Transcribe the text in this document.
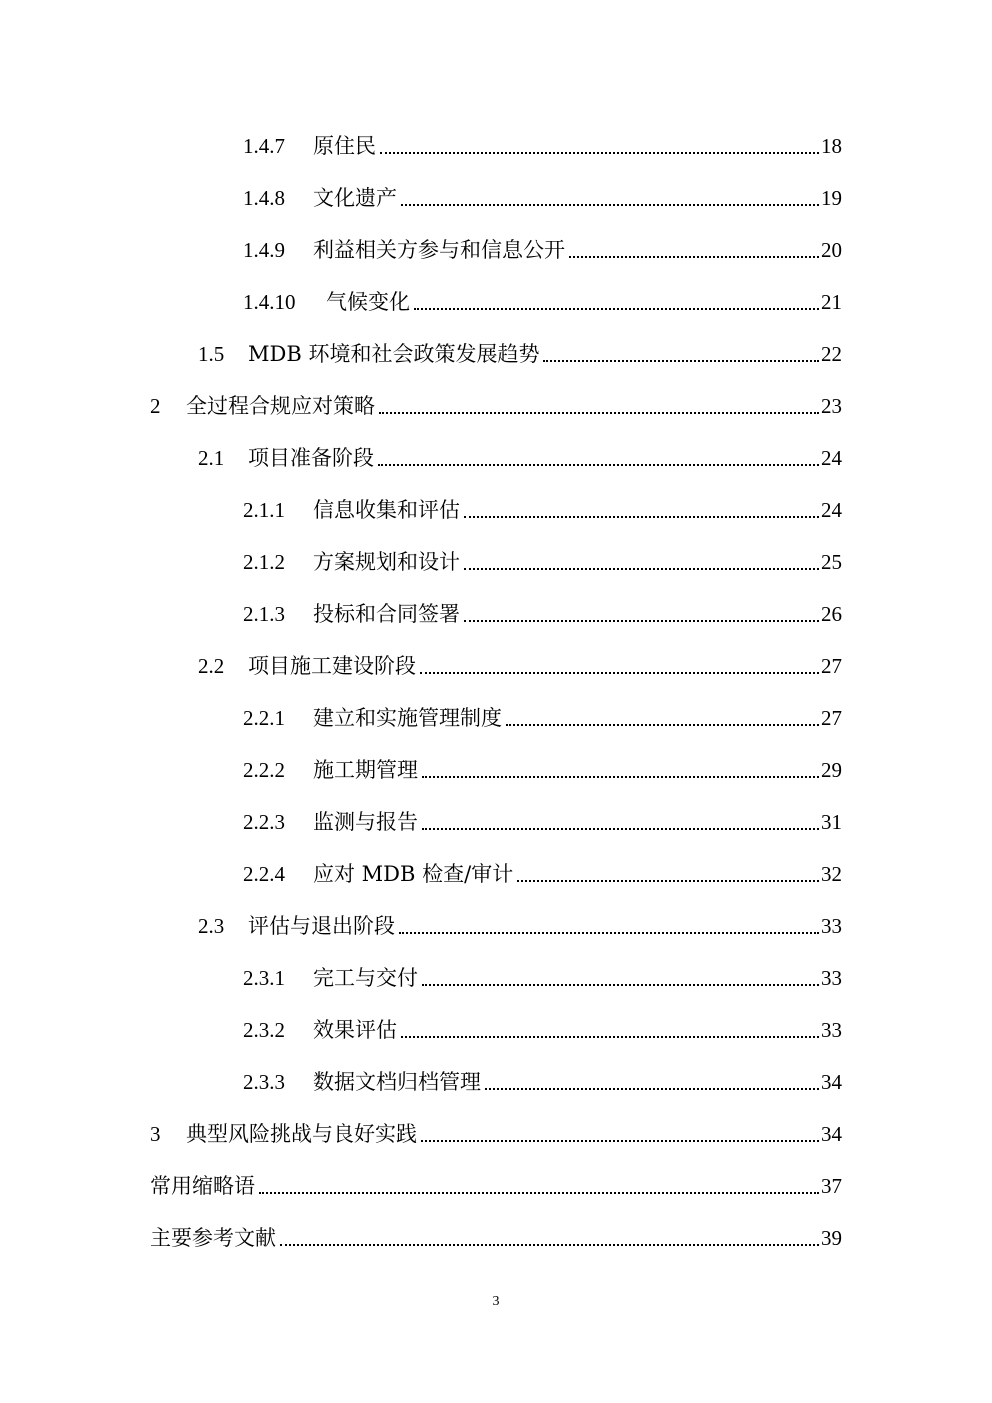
1.4.7	原住民	18
1.4.8	文化遗产	19
1.4.9	利益相关方参与和信息公开	20
1.4.10	气候变化	21
1.5	MDB 环境和社会政策发展趋势	22
2	全过程合规应对策略	23
2.1	项目准备阶段	24
2.1.1	信息收集和评估	24
2.1.2	方案规划和设计	25
2.1.3	投标和合同签署	26
2.2	项目施工建设阶段	27
2.2.1	建立和实施管理制度	27
2.2.2	施工期管理	29
2.2.3	监测与报告	31
2.2.4	应对 MDB 检查/审计	32
2.3	评估与退出阶段	33
2.3.1	完工与交付	33
2.3.2	效果评估	33
2.3.3	数据文档归档管理	34
3	典型风险挑战与良好实践	34
常用缩略语	37
主要参考文献	39
3
